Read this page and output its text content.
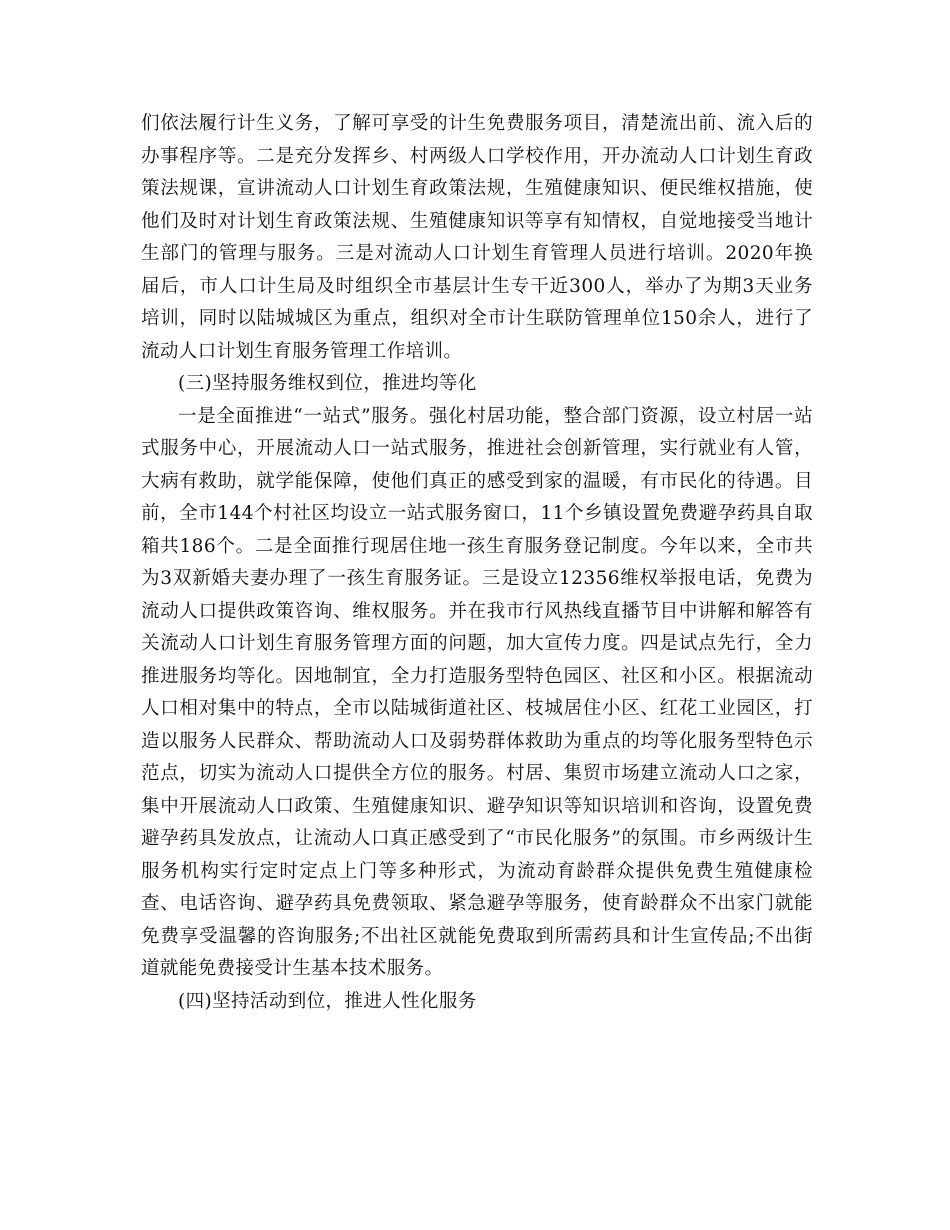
们依法履行计生义务，了解可享受的计生免费服务项目，清楚流出前、流入后的办事程序等。二是充分发挥乡、村两级人口学校作用，开办流动人口计划生育政策法规课，宣讲流动人口计划生育政策法规，生殖健康知识、便民维权措施，使他们及时对计划生育政策法规、生殖健康知识等享有知情权，自觉地接受当地计生部门的管理与服务。三是对流动人口计划生育管理人员进行培训。2020年换届后，市人口计生局及时组织全市基层计生专干近300人，举办了为期3天业务培训，同时以陆城城区为重点，组织对全市计生联防管理单位150余人，进行了流动人口计划生育服务管理工作培训。

(三)坚持服务维权到位，推进均等化

一是全面推进“一站式”服务。强化村居功能，整合部门资源，设立村居一站式服务中心，开展流动人口一站式服务，推进社会创新管理，实行就业有人管，大病有救助，就学能保障，使他们真正的感受到家的温暖，有市民化的待遇。目前，全市144个村社区均设立一站式服务窗口，11个乡镇设置免费避孕药具自取箱共186个。二是全面推行现居住地一孩生育服务登记制度。今年以来，全市共为3双新婚夫妻办理了一孩生育服务证。三是设立12356维权举报电话，免费为流动人口提供政策咨询、维权服务。并在我市行风热线直播节目中讲解和解答有关流动人口计划生育服务管理方面的问题，加大宣传力度。四是试点先行，全力推进服务均等化。因地制宜，全力打造服务型特色园区、社区和小区。根据流动人口相对集中的特点，全市以陆城街道社区、枝城居住小区、红花工业园区，打造以服务人民群众、帮助流动人口及弱势群体救助为重点的均等化服务型特色示范点，切实为流动人口提供全方位的服务。村居、集贸市场建立流动人口之家，集中开展流动人口政策、生殖健康知识、避孕知识等知识培训和咨询，设置免费避孕药具发放点，让流动人口真正感受到了“市民化服务”的氛围。市乡两级计生服务机构实行定时定点上门等多种形式，为流动育龄群众提供免费生殖健康检查、电话咨询、避孕药具免费领取、紧急避孕等服务，使育龄群众不出家门就能免费享受温馨的咨询服务;不出社区就能免费取到所需药具和计生宣传品;不出街道就能免费接受计生基本技术服务。

(四)坚持活动到位，推进人性化服务
